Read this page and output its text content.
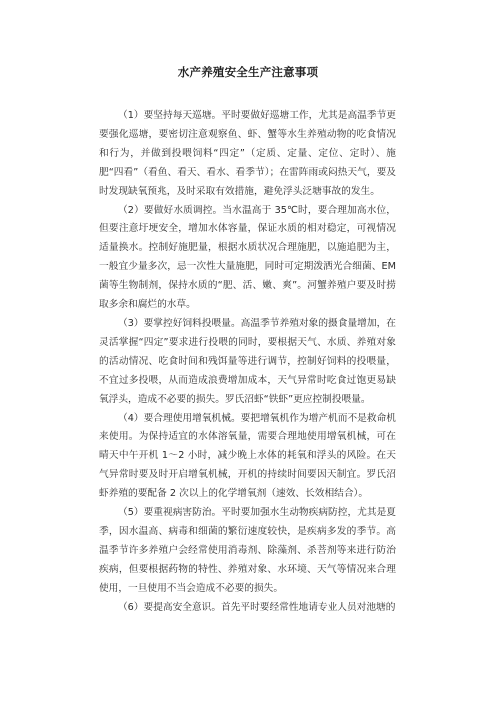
水产养殖安全生产注意事项

（1）要坚持每天巡塘。平时要做好巡塘工作，尤其是高温季节更要强化巡塘，要密切注意观察鱼、虾、蟹等水生养殖动物的吃食情况和行为，并做到投喂饲料“四定”（定质、定量、定位、定时）、施肥“四看”（看鱼、看天、看水、看季节）；在雷阵雨或闷热天气，要及时发现缺氧预兆，及时采取有效措施，避免浮头泛塘事故的发生。

（2）要做好水质调控。当水温高于 35℃时，要合理加高水位，但要注意圩埂安全，增加水体容量，保证水质的相对稳定，可视情况适量换水。控制好施肥量，根据水质状况合理施肥，以施追肥为主，一般宜少量多次，忌一次性大量施肥，同时可定期泼洒光合细菌、EM 菌等生物制剂，保持水质的“肥、活、嫩、爽”。河蟹养殖户要及时捞取多余和腐烂的水草。

（3）要掌控好饲料投喂量。高温季节养殖对象的摄食量增加，在灵活掌握“四定”要求进行投喂的同时，要根据天气、水质、养殖对象的活动情况、吃食时间和残饵量等进行调节，控制好饲料的投喂量，不宜过多投喂，从而造成浪费增加成本，天气异常时吃食过饱更易缺氧浮头，造成不必要的损失。罗氏沼虾“铁虾”更应控制投喂量。

（4）要合理使用增氧机械。要把增氧机作为增产机而不是救命机来使用。为保持适宜的水体溶氧量，需要合理地使用增氧机械，可在晴天中午开机 1～2 小时，减少晚上水体的耗氧和浮头的风险。在天气异常时要及时开启增氧机械，开机的持续时间要因天制宜。罗氏沼虾养殖的要配备 2 次以上的化学增氧剂（速效、长效相结合）。

（5）要重视病害防治。平时要加强水生动物疾病防控，尤其是夏季，因水温高、病毒和细菌的繁衍速度较快，是疾病多发的季节。高温季节许多养殖户会经常使用消毒剂、除藻剂、杀菩剂等来进行防治疾病，但要根据药物的特性、养殖对象、水环境、天气等情况来合理使用，一旦使用不当会造成不必要的损失。

（6）要提高安全意识。首先平时要经常性地请专业人员对池塘的
